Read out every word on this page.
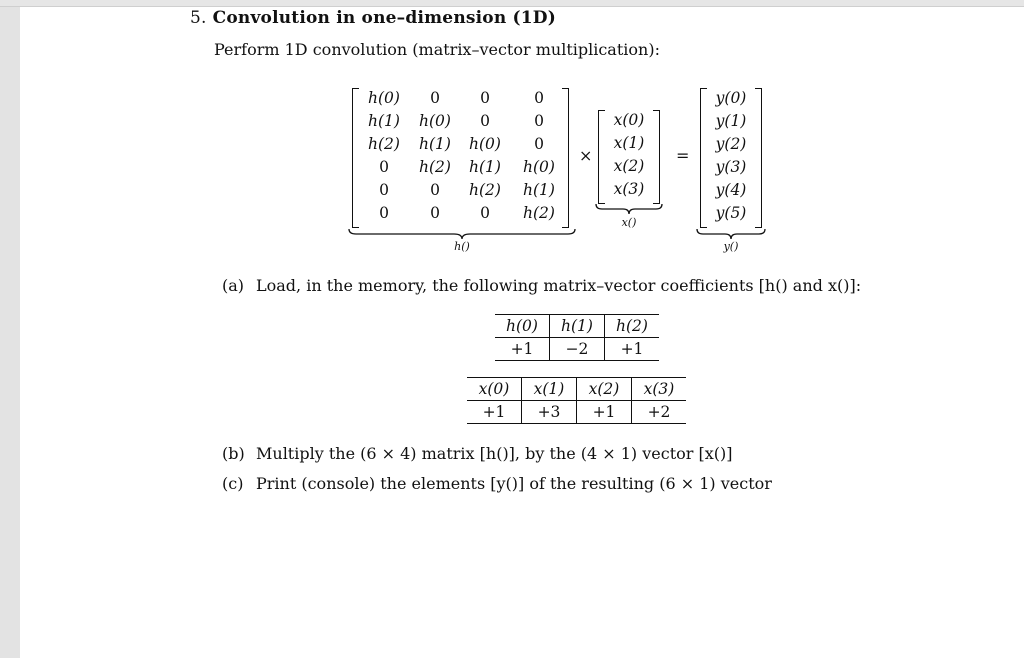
5. Convolution in one–dimension (1D)
Perform 1D convolution (matrix–vector multiplication):
h(0)	0	0	0
h(1)	h(0)	0	0
h(2)	h(1)	h(0)	0
0	h(2)	h(1)	h(0)
0	0	h(2)	h(1)
0	0	0	h(2)
h()
×
x(0)
x(1)
x(2)
x(3)
x()
=
y(0)
y(1)
y(2)
y(3)
y(4)
y(5)
y()
(a) Load, in the memory, the following matrix–vector coefficients [h() and x()]:
h(0)	h(1)	h(2)
+1	−2	+1
x(0)	x(1)	x(2)	x(3)
+1	+3	+1	+2
(b) Multiply the (6 × 4) matrix [h()], by the (4 × 1) vector [x()]
(c) Print (console) the elements [y()] of the resulting (6 × 1) vector
